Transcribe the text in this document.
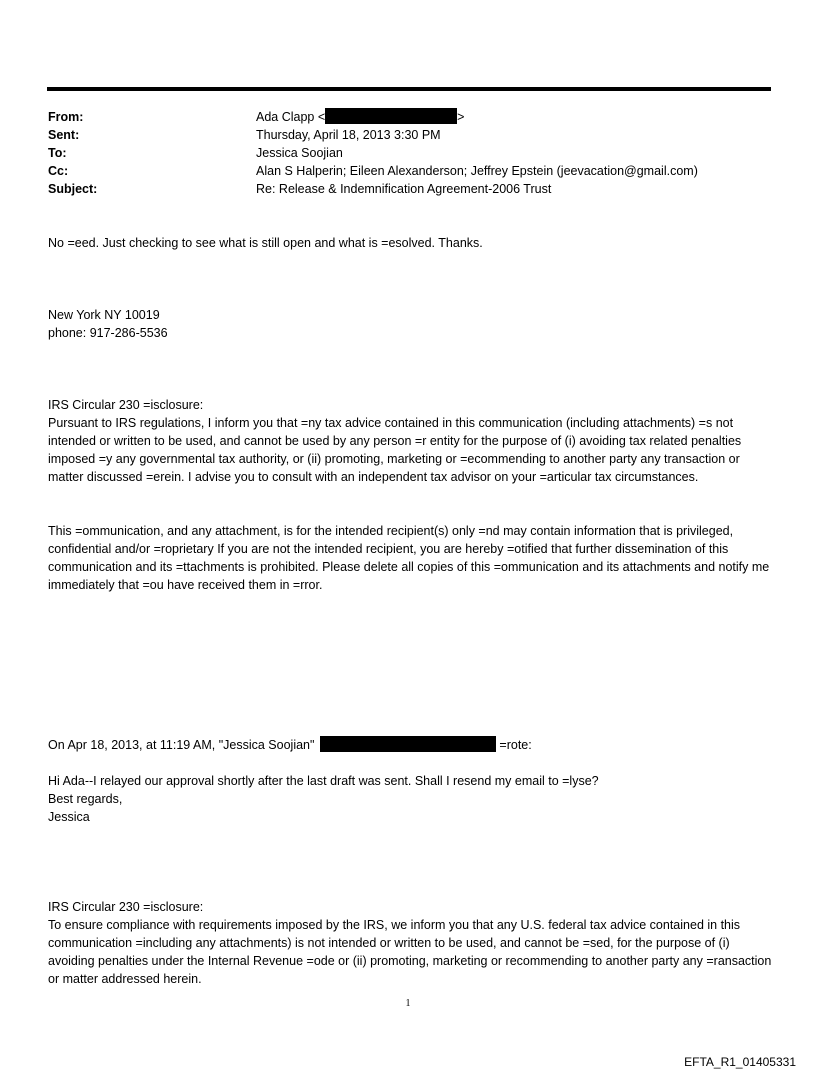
From:	Ada Clapp <	>
Sent:	Thursday, April 18, 2013 3:30 PM
To:	Jessica Soojian
Cc:	Alan S Halperin; Eileen Alexanderson; Jeffrey Epstein (jeevacation@gmail.com)
Subject:	Re: Release & Indemnification Agreement-2006 Trust

No =eed. Just checking to see what is still open and what is =esolved. Thanks.

New York NY 10019

phone: 917-286-5536

IRS Circular 230 =isclosure:

Pursuant to IRS regulations, I inform you that =ny tax advice contained in this communication (including attachments) =s not intended or written to be used, and cannot be used by any person =r entity for the purpose of (i) avoiding tax related penalties imposed =y any governmental tax authority, or (ii) promoting, marketing or =ecommending to another party any transaction or matter discussed =erein. I advise you to consult with an independent tax advisor on your =articular tax circumstances.

This =ommunication, and any attachment, is for the intended recipient(s) only =nd may contain information that is privileged, confidential and/or =roprietary If you are not the intended recipient, you are hereby =otified that further dissemination of this communication and its =ttachments is prohibited. Please delete all copies of this =ommunication and its attachments and notify me immediately that =ou have received them in =rror.

On Apr 18, 2013, at 11:19 AM, "Jessica Soojian"	=rote:

Hi Ada--I relayed our approval shortly after the last draft was sent. Shall I resend my email to =lyse?

Best regards,

Jessica

IRS Circular 230 =isclosure:

To ensure compliance with requirements imposed by the IRS, we inform you that any U.S. federal tax advice contained in this communication =including any attachments) is not intended or written to be used, and cannot be =sed, for the purpose of (i) avoiding penalties under the Internal Revenue =ode or (ii) promoting, marketing or recommending to another party any =ransaction or matter addressed herein.

1
EFTA_R1_01405331
